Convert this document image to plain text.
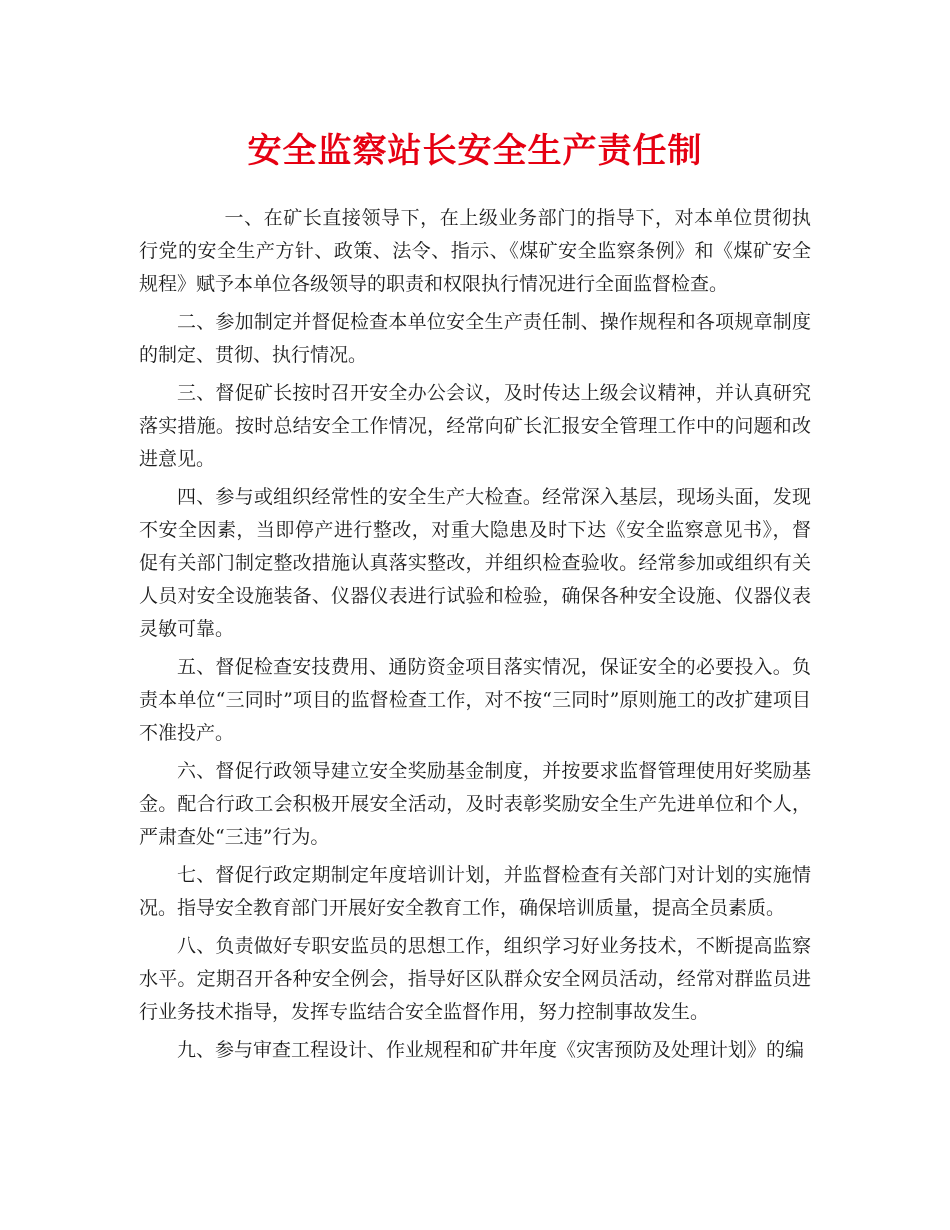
安全监察站长安全生产责任制

一、在矿长直接领导下，在上级业务部门的指导下，对本单位贯彻执行党的安全生产方针、政策、法令、指示、《煤矿安全监察条例》和《煤矿安全规程》赋予本单位各级领导的职责和权限执行情况进行全面监督检查。

二、参加制定并督促检查本单位安全生产责任制、操作规程和各项规章制度的制定、贯彻、执行情况。

三、督促矿长按时召开安全办公会议，及时传达上级会议精神，并认真研究落实措施。按时总结安全工作情况，经常向矿长汇报安全管理工作中的问题和改进意见。

四、参与或组织经常性的安全生产大检查。经常深入基层，现场头面，发现不安全因素，当即停产进行整改，对重大隐患及时下达《安全监察意见书》，督促有关部门制定整改措施认真落实整改，并组织检查验收。经常参加或组织有关人员对安全设施装备、仪器仪表进行试验和检验，确保各种安全设施、仪器仪表灵敏可靠。

五、督促检查安技费用、通防资金项目落实情况，保证安全的必要投入。负责本单位“三同时”项目的监督检查工作，对不按“三同时”原则施工的改扩建项目不准投产。

六、督促行政领导建立安全奖励基金制度，并按要求监督管理使用好奖励基金。配合行政工会积极开展安全活动，及时表彰奖励安全生产先进单位和个人，严肃查处“三违”行为。

七、督促行政定期制定年度培训计划，并监督检查有关部门对计划的实施情况。指导安全教育部门开展好安全教育工作，确保培训质量，提高全员素质。

八、负责做好专职安监员的思想工作，组织学习好业务技术，不断提高监察水平。定期召开各种安全例会，指导好区队群众安全网员活动，经常对群监员进行业务技术指导，发挥专监结合安全监督作用，努力控制事故发生。

九、参与审查工程设计、作业规程和矿井年度《灾害预防及处理计划》的编
